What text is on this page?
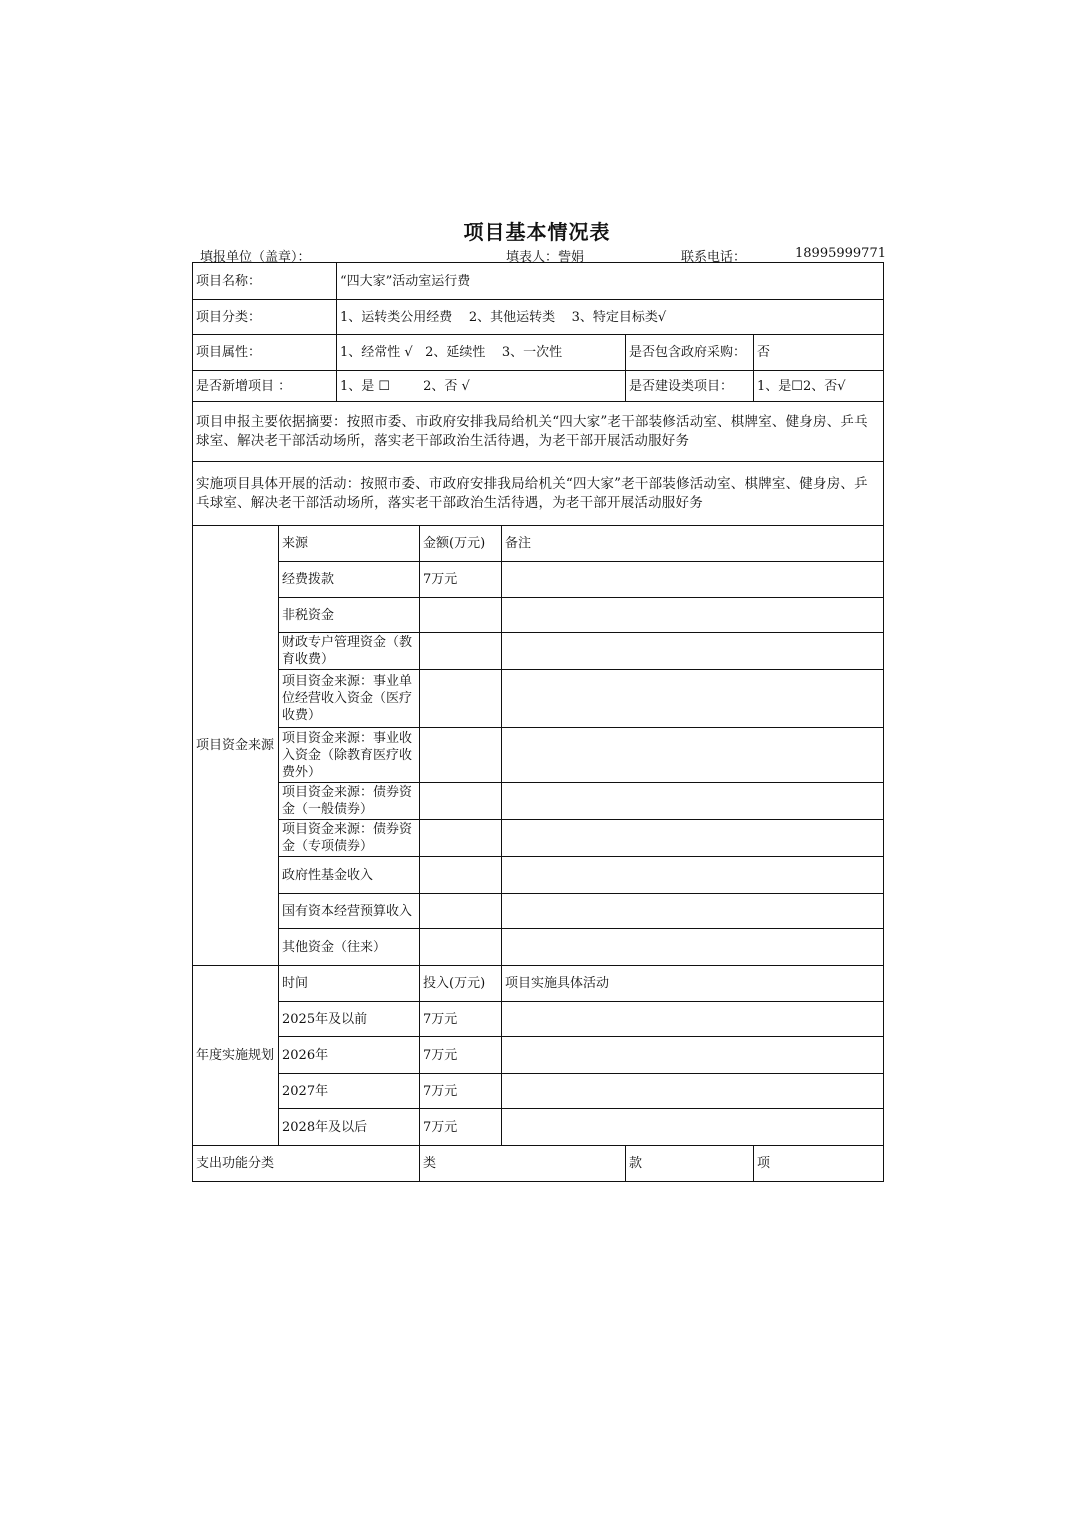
项目基本情况表
填报单位（盖章）：	填表人：訾娟	联系电话：	18995999771
项目名称：		“四大家”活动室运行费				
项目分类：		1、运转类公用经费    2、其他运转类    3、特定目标类√				
项目属性：		1、经常性 √   2、延续性    3、一次性			是否包含政府采购：	否
是否新增项目 ：		1、是 ☐        2、否 √			是否建设类项目：	1、是☐2、否√
项目申报主要依据摘要：按照市委、市政府安排我局给机关“四大家”老干部装修活动室、棋牌室、健身房、乒乓球室、解决老干部活动场所，落实老干部政治生活待遇，为老干部开展活动服好务						
实施项目具体开展的活动：按照市委、市政府安排我局给机关“四大家”老干部装修活动室、棋牌室、健身房、乒乓球室、解决老干部活动场所，落实老干部政治生活待遇，为老干部开展活动服好务						
项目资金来源	来源		金额(万元)	备注		
	经费拨款		7万元			
	非税资金					
	财政专户管理资金（教育收费）					
	项目资金来源：事业单位经营收入资金（医疗收费）					
	项目资金来源：事业收入资金（除教育医疗收费外）					
	项目资金来源：债券资金（一般债券）					
	项目资金来源：债券资金（专项债券）					
	政府性基金收入					
	国有资本经营预算收入					
	其他资金（往来）					
年度实施规划	时间		投入(万元)	项目实施具体活动		
	2025年及以前		7万元			
	2026年		7万元			
	2027年		7万元			
	2028年及以后		7万元			
支出功能分类			类		款	项
